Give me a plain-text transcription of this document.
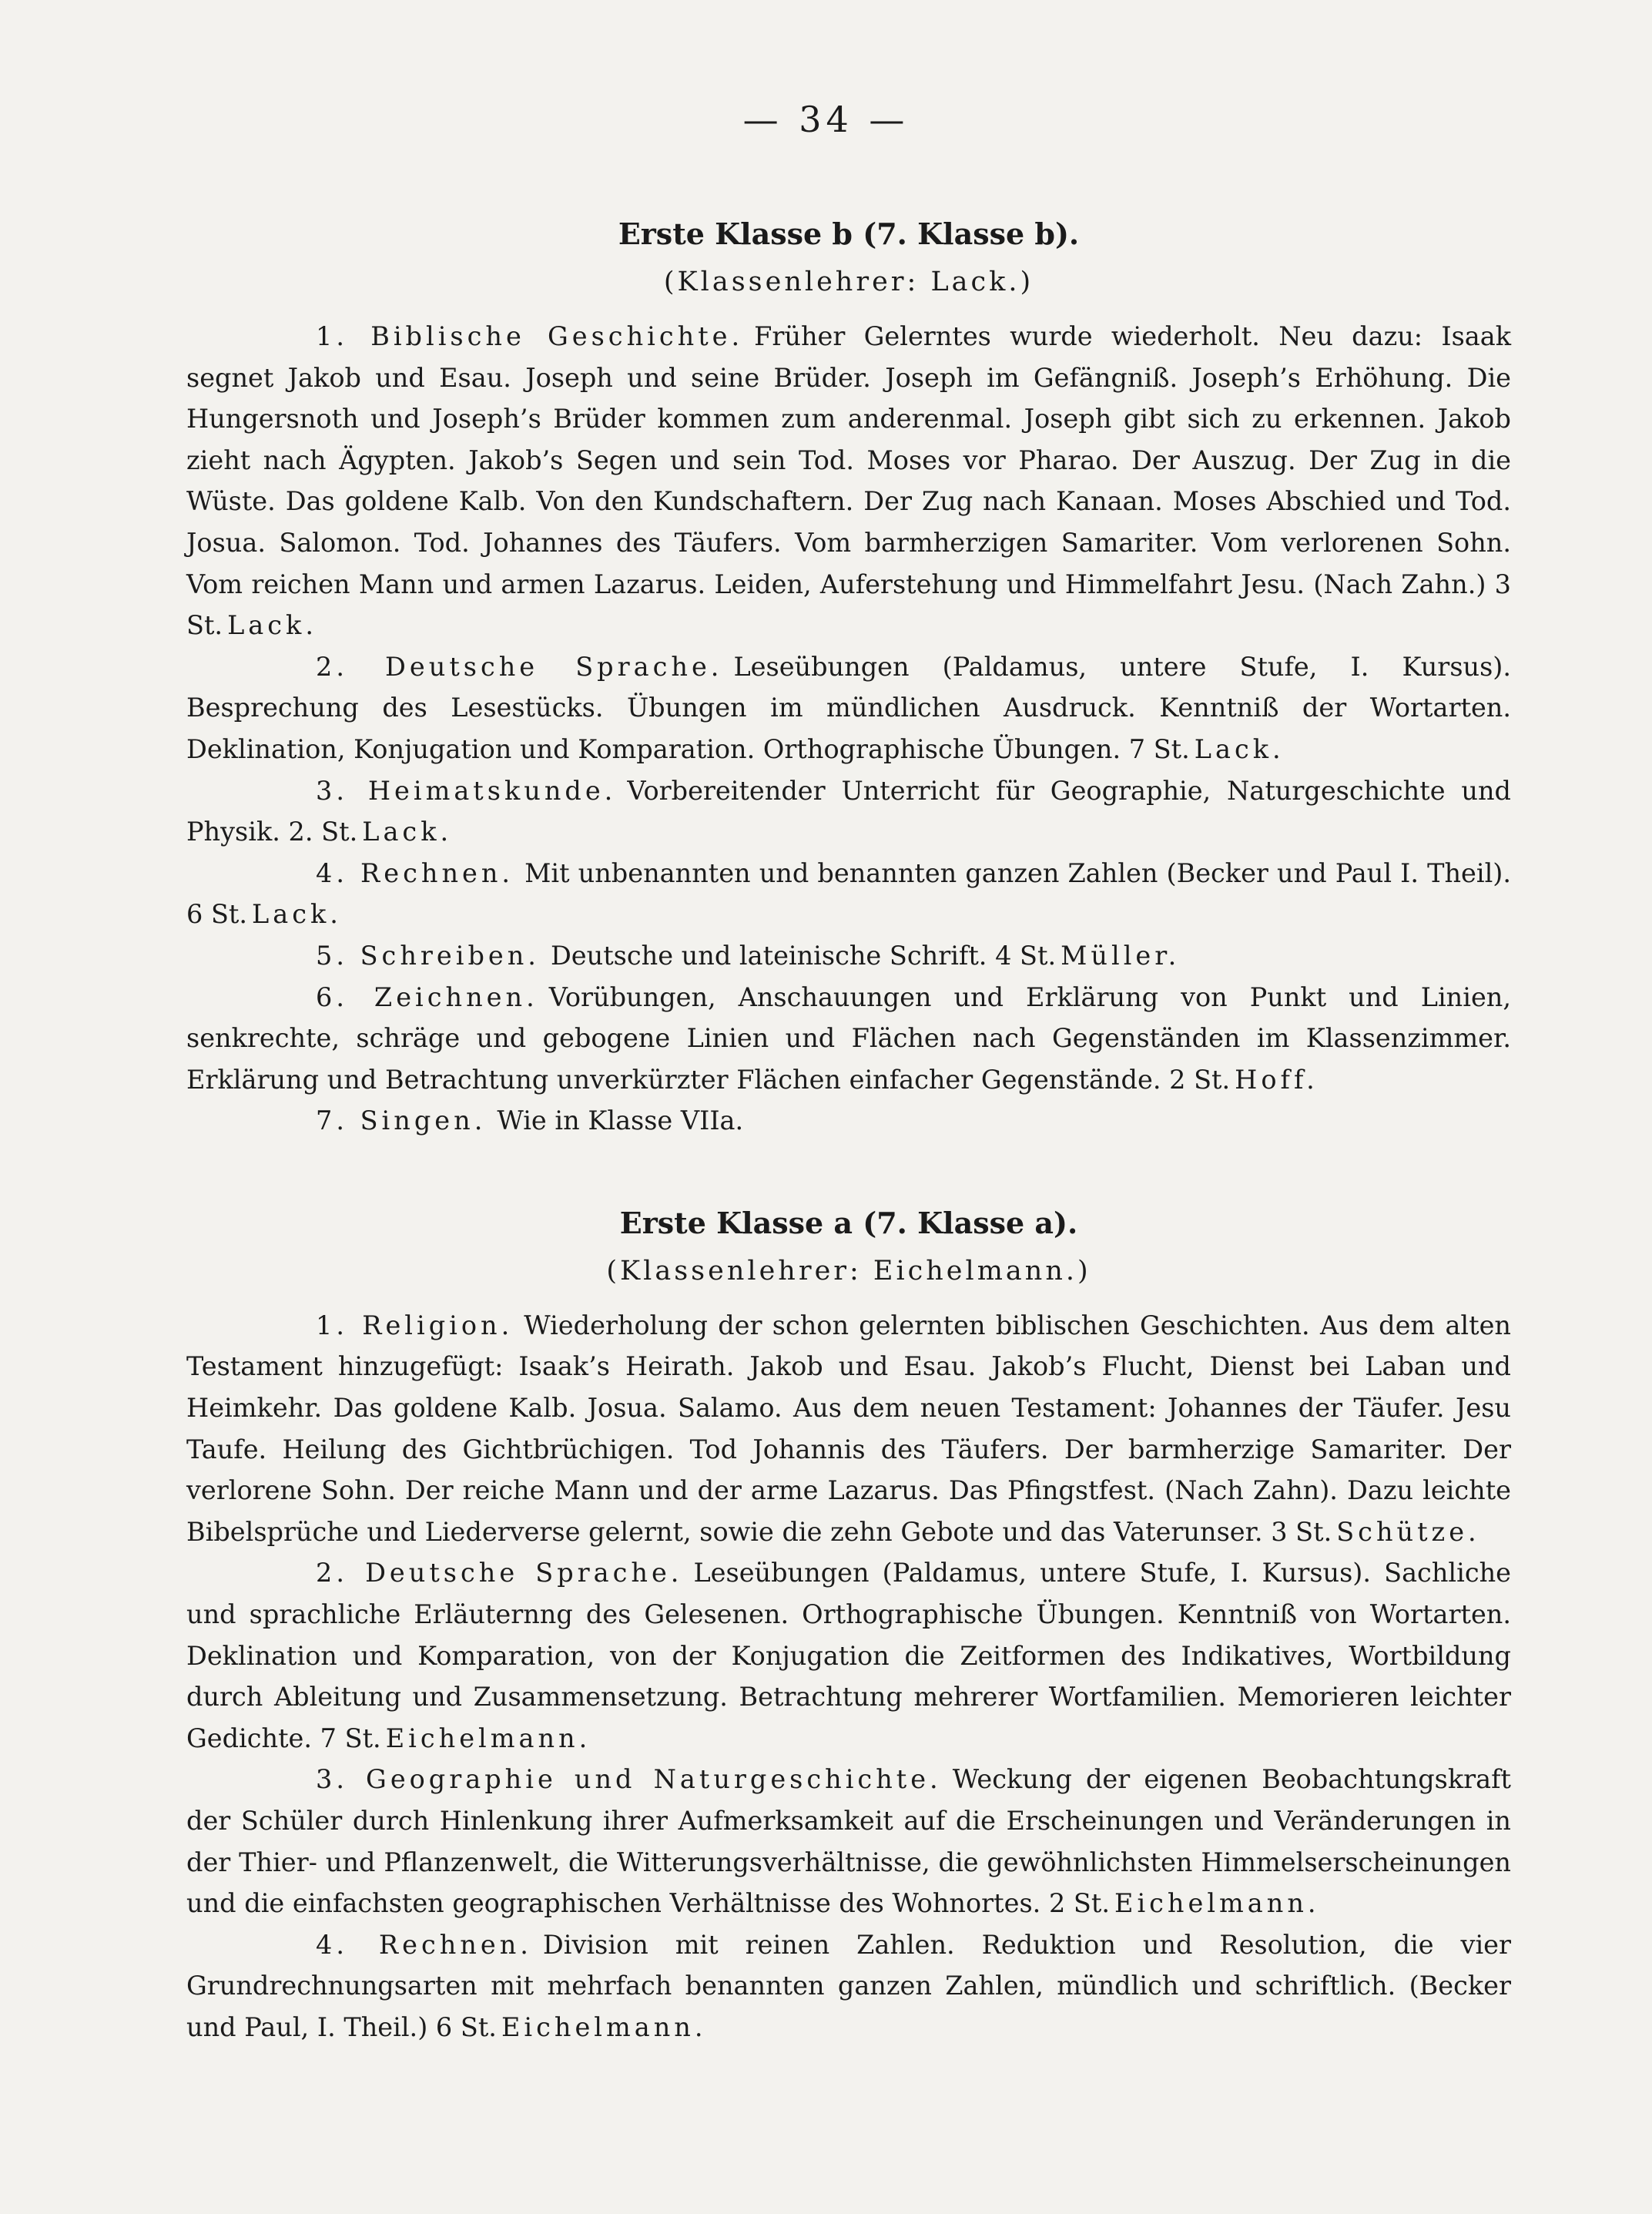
— 34 —
Erste Klasse b (7. Klasse b).
(Klassenlehrer: Lack.)

1. Biblische Geschichte. Früher Gelerntes wurde wiederholt. Neu dazu: Isaak segnet Jakob und Esau. Joseph und seine Brüder. Joseph im Gefängniß. Joseph’s Erhöhung. Die Hungersnoth und Joseph’s Brüder kommen zum anderenmal. Joseph gibt sich zu erkennen. Jakob zieht nach Ägypten. Jakob’s Segen und sein Tod. Moses vor Pharao. Der Auszug. Der Zug in die Wüste. Das goldene Kalb. Von den Kundschaftern. Der Zug nach Kanaan. Moses Abschied und Tod. Josua. Salomon. Tod. Johannes des Täufers. Vom barmherzigen Samariter. Vom verlorenen Sohn. Vom reichen Mann und armen Lazarus. Leiden, Auferstehung und Himmelfahrt Jesu. (Nach Zahn.) 3 St. Lack.

2. Deutsche Sprache. Leseübungen (Paldamus, untere Stufe, I. Kursus). Besprechung des Lesestücks. Übungen im mündlichen Ausdruck. Kenntniß der Wortarten. Deklination, Konjugation und Komparation. Orthographische Übungen. 7 St. Lack.

3. Heimatskunde. Vorbereitender Unterricht für Geographie, Naturgeschichte und Physik. 2. St. Lack.

4. Rechnen. Mit unbenannten und benannten ganzen Zahlen (Becker und Paul I. Theil). 6 St. Lack.

5. Schreiben. Deutsche und lateinische Schrift. 4 St. Müller.

6. Zeichnen. Vorübungen, Anschauungen und Erklärung von Punkt und Linien, senkrechte, schräge und gebogene Linien und Flächen nach Gegenständen im Klassenzimmer. Erklärung und Betrachtung unverkürzter Flächen einfacher Gegenstände. 2 St. Hoff.

7. Singen. Wie in Klasse VIIa.

Erste Klasse a (7. Klasse a).
(Klassenlehrer: Eichelmann.)

1. Religion. Wiederholung der schon gelernten biblischen Geschichten. Aus dem alten Testament hinzugefügt: Isaak’s Heirath. Jakob und Esau. Jakob’s Flucht, Dienst bei Laban und Heimkehr. Das goldene Kalb. Josua. Salamo. Aus dem neuen Testament: Johannes der Täufer. Jesu Taufe. Heilung des Gichtbrüchigen. Tod Johannis des Täufers. Der barmherzige Samariter. Der verlorene Sohn. Der reiche Mann und der arme Lazarus. Das Pfingstfest. (Nach Zahn). Dazu leichte Bibelsprüche und Liederverse gelernt, sowie die zehn Gebote und das Vaterunser. 3 St. Schütze.

2. Deutsche Sprache. Leseübungen (Paldamus, untere Stufe, I. Kursus). Sachliche und sprachliche Erläuternng des Gelesenen. Orthographische Übungen. Kenntniß von Wortarten. Deklination und Komparation, von der Konjugation die Zeitformen des Indikatives, Wortbildung durch Ableitung und Zusammensetzung. Betrachtung mehrerer Wortfamilien. Memorieren leichter Gedichte. 7 St. Eichelmann.

3. Geographie und Naturgeschichte. Weckung der eigenen Beobachtungskraft der Schüler durch Hinlenkung ihrer Aufmerksamkeit auf die Erscheinungen und Veränderungen in der Thier- und Pflanzenwelt, die Witterungsverhältnisse, die gewöhnlichsten Himmelserscheinungen und die einfachsten geographischen Verhältnisse des Wohnortes. 2 St. Eichelmann.

4. Rechnen. Division mit reinen Zahlen. Reduktion und Resolution, die vier Grundrechnungsarten mit mehrfach benannten ganzen Zahlen, mündlich und schriftlich. (Becker und Paul, I. Theil.) 6 St. Eichelmann.
